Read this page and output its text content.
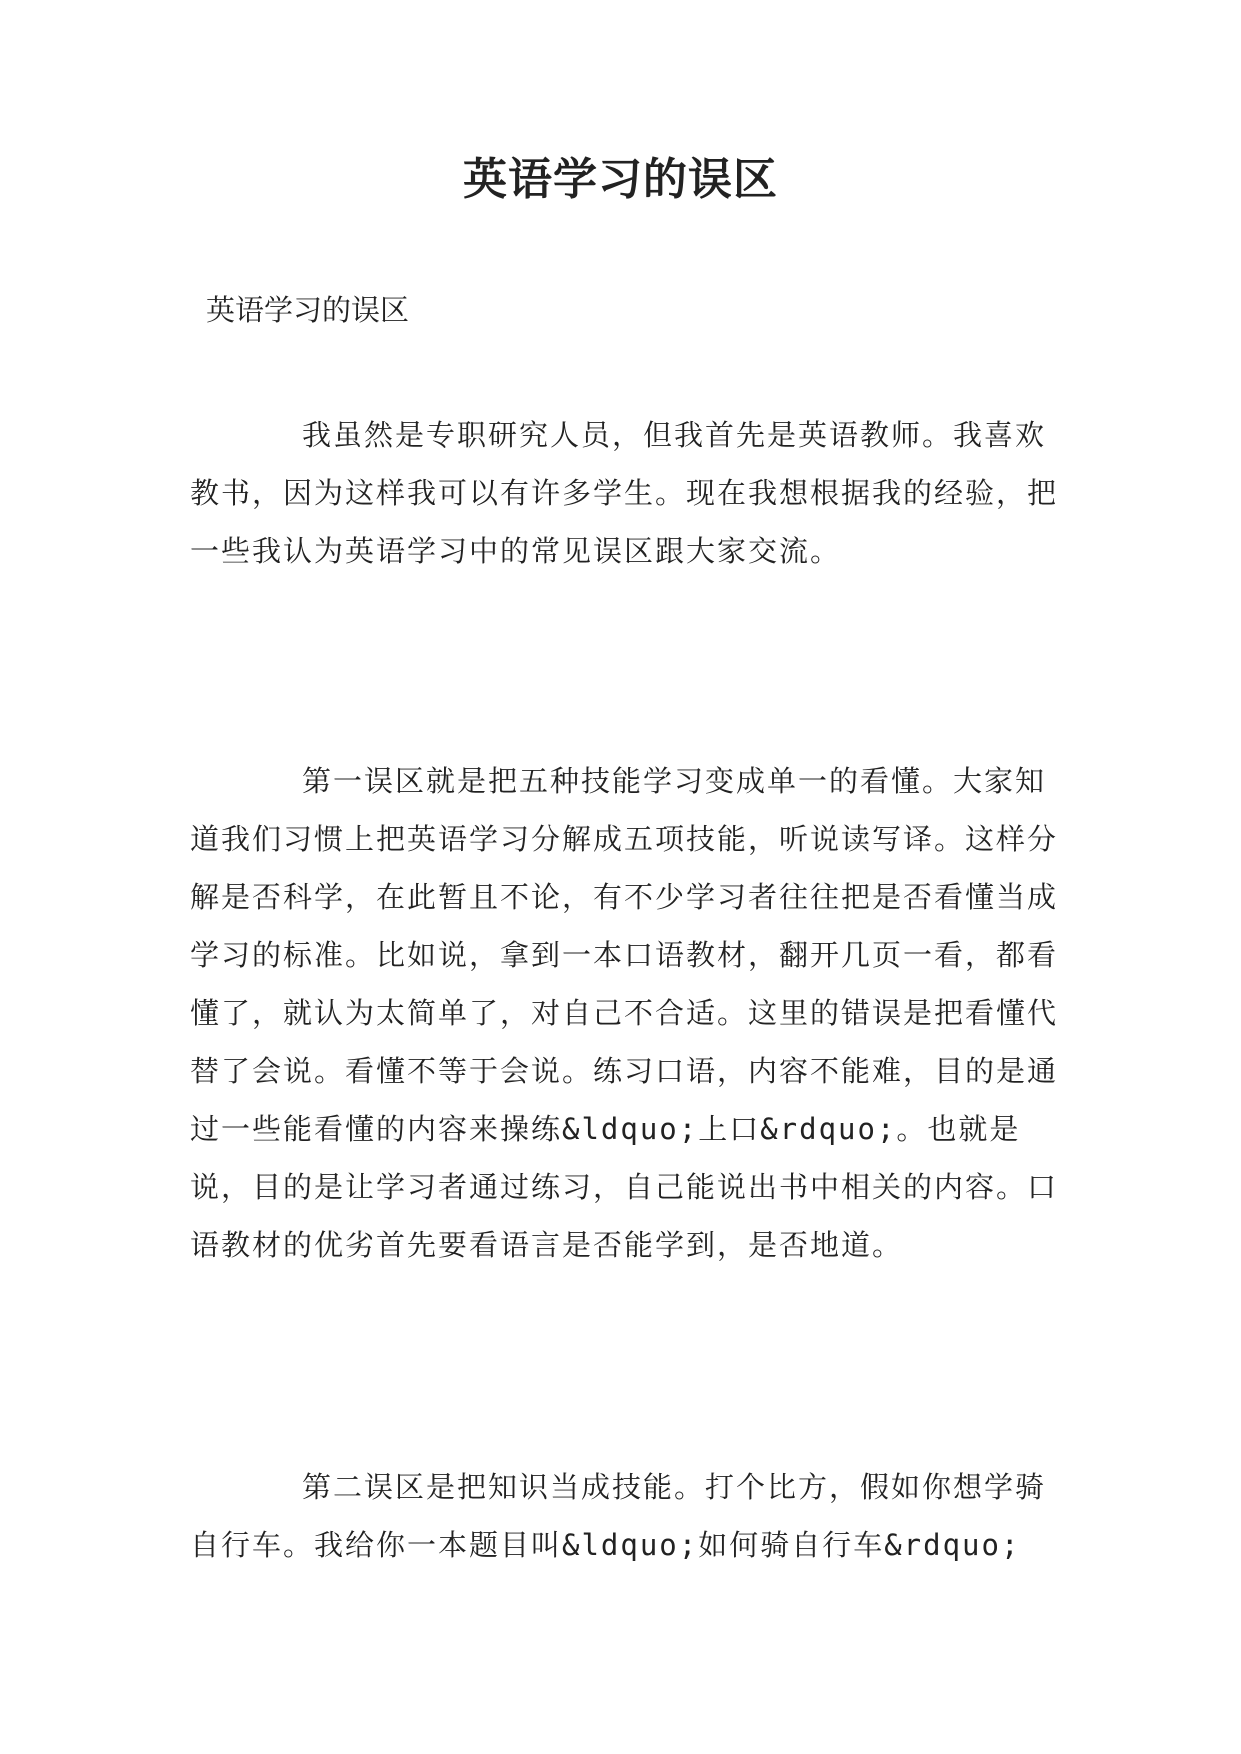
英语学习的误区

英语学习的误区

我虽然是专职研究人员，但我首先是英语教师。我喜欢教书，因为这样我可以有许多学生。现在我想根据我的经验，把一些我认为英语学习中的常见误区跟大家交流。

第一误区就是把五种技能学习变成单一的看懂。大家知道我们习惯上把英语学习分解成五项技能，听说读写译。这样分解是否科学，在此暂且不论，有不少学习者往往把是否看懂当成学习的标准。比如说，拿到一本口语教材，翻开几页一看，都看懂了，就认为太简单了，对自己不合适。这里的错误是把看懂代替了会说。看懂不等于会说。练习口语，内容不能难，目的是通过一些能看懂的内容来操练&ldquo;上口&rdquo;。也就是说，目的是让学习者通过练习，自己能说出书中相关的内容。口语教材的优劣首先要看语言是否能学到，是否地道。

第二误区是把知识当成技能。打个比方，假如你想学骑自行车。我给你一本题目叫&ldquo;如何骑自行车&rdquo;
